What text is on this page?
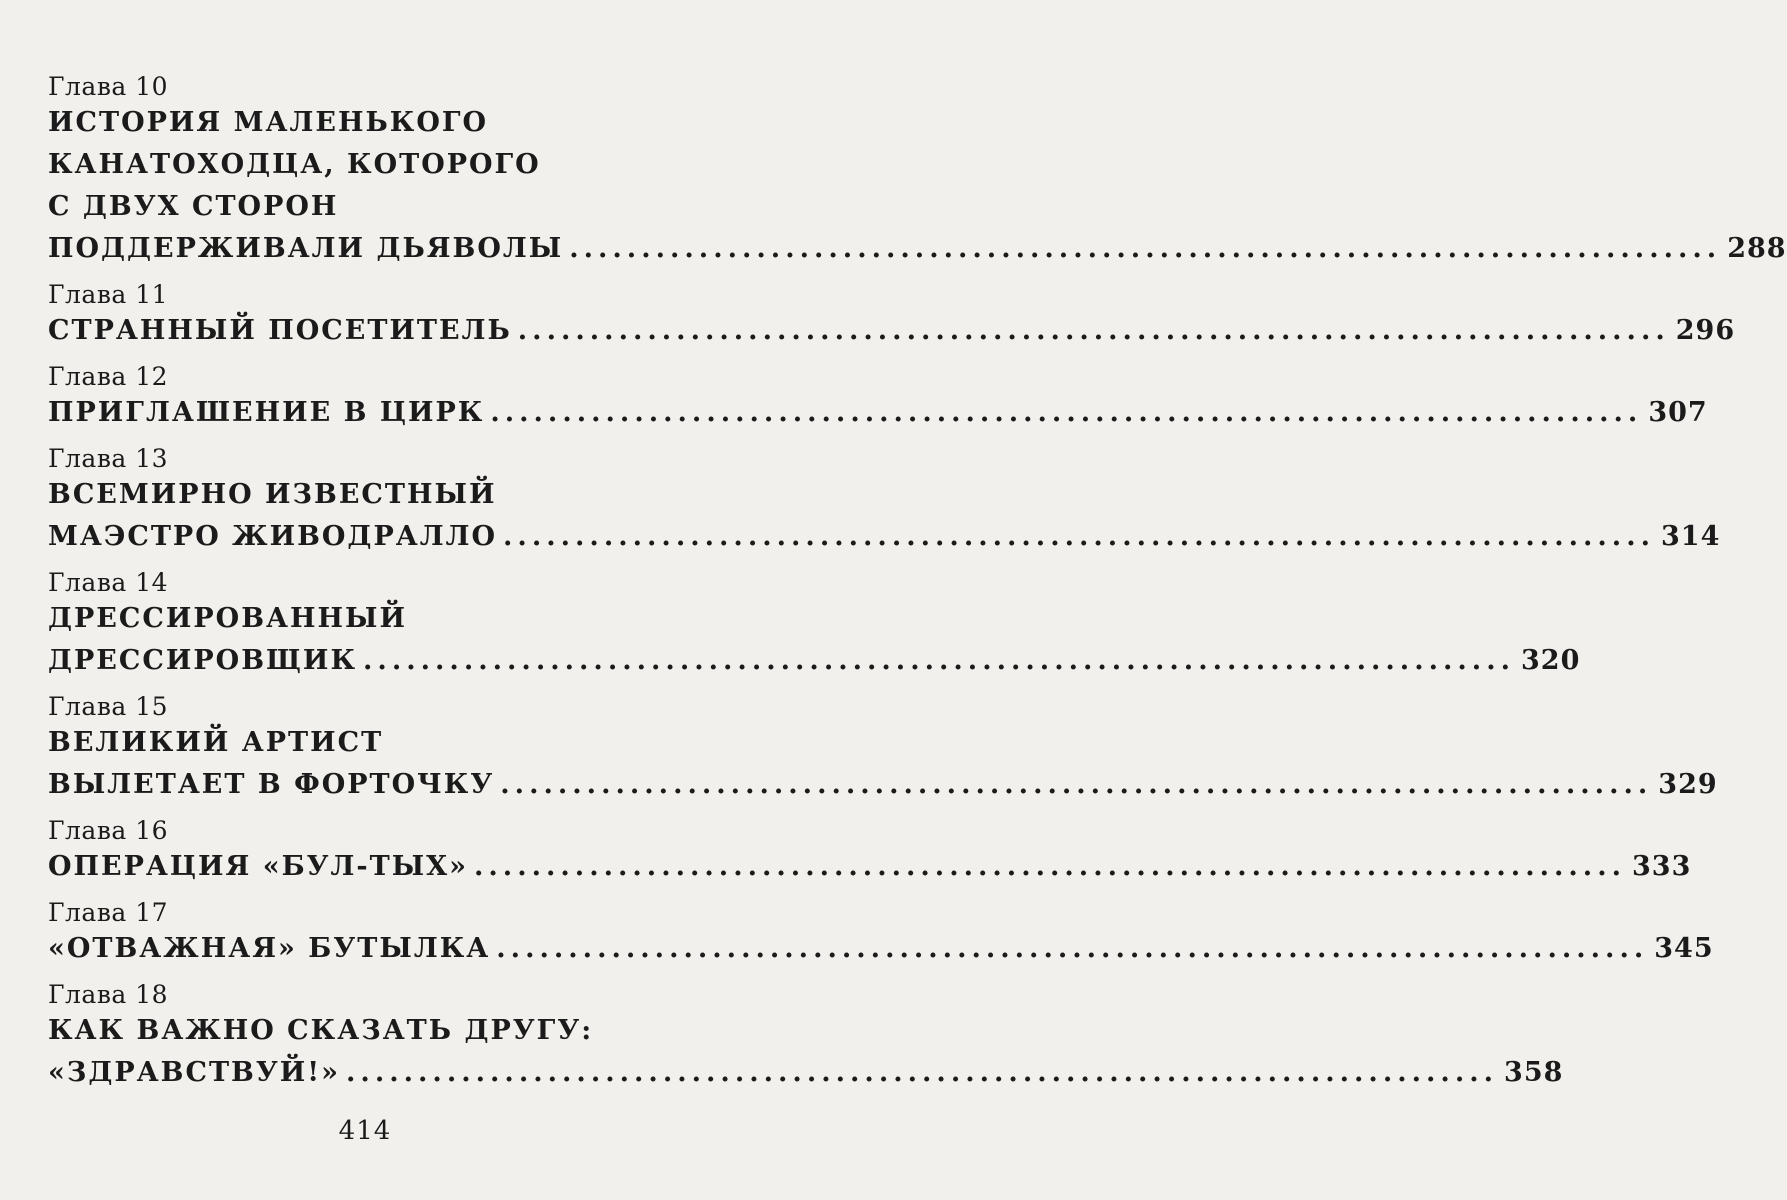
Глава 10
ИСТОРИЯ МАЛЕНЬКОГО
КАНАТОХОДЦА, КОТОРОГО
С ДВУХ СТОРОН
ПОДДЕРЖИВАЛИ ДЬЯВОЛЫ ................................................................................ 288
Глава 11
СТРАННЫЙ ПОСЕТИТЕЛЬ ................................................................................ 296
Глава 12
ПРИГЛАШЕНИЕ В ЦИРК ................................................................................ 307
Глава 13
ВСЕМИРНО ИЗВЕСТНЫЙ
МАЭСТРО ЖИВОДРАЛЛО ................................................................................ 314
Глава 14
ДРЕССИРОВАННЫЙ
ДРЕССИРОВЩИК ................................................................................ 320
Глава 15
ВЕЛИКИЙ АРТИСТ
ВЫЛЕТАЕТ В ФОРТОЧКУ ................................................................................ 329
Глава 16
ОПЕРАЦИЯ «БУЛ-ТЫХ» ................................................................................ 333
Глава 17
«ОТВАЖНАЯ» БУТЫЛКА ................................................................................ 345
Глава 18
КАК ВАЖНО СКАЗАТЬ ДРУГУ:
«ЗДРАВСТВУЙ!» ................................................................................ 358
414
